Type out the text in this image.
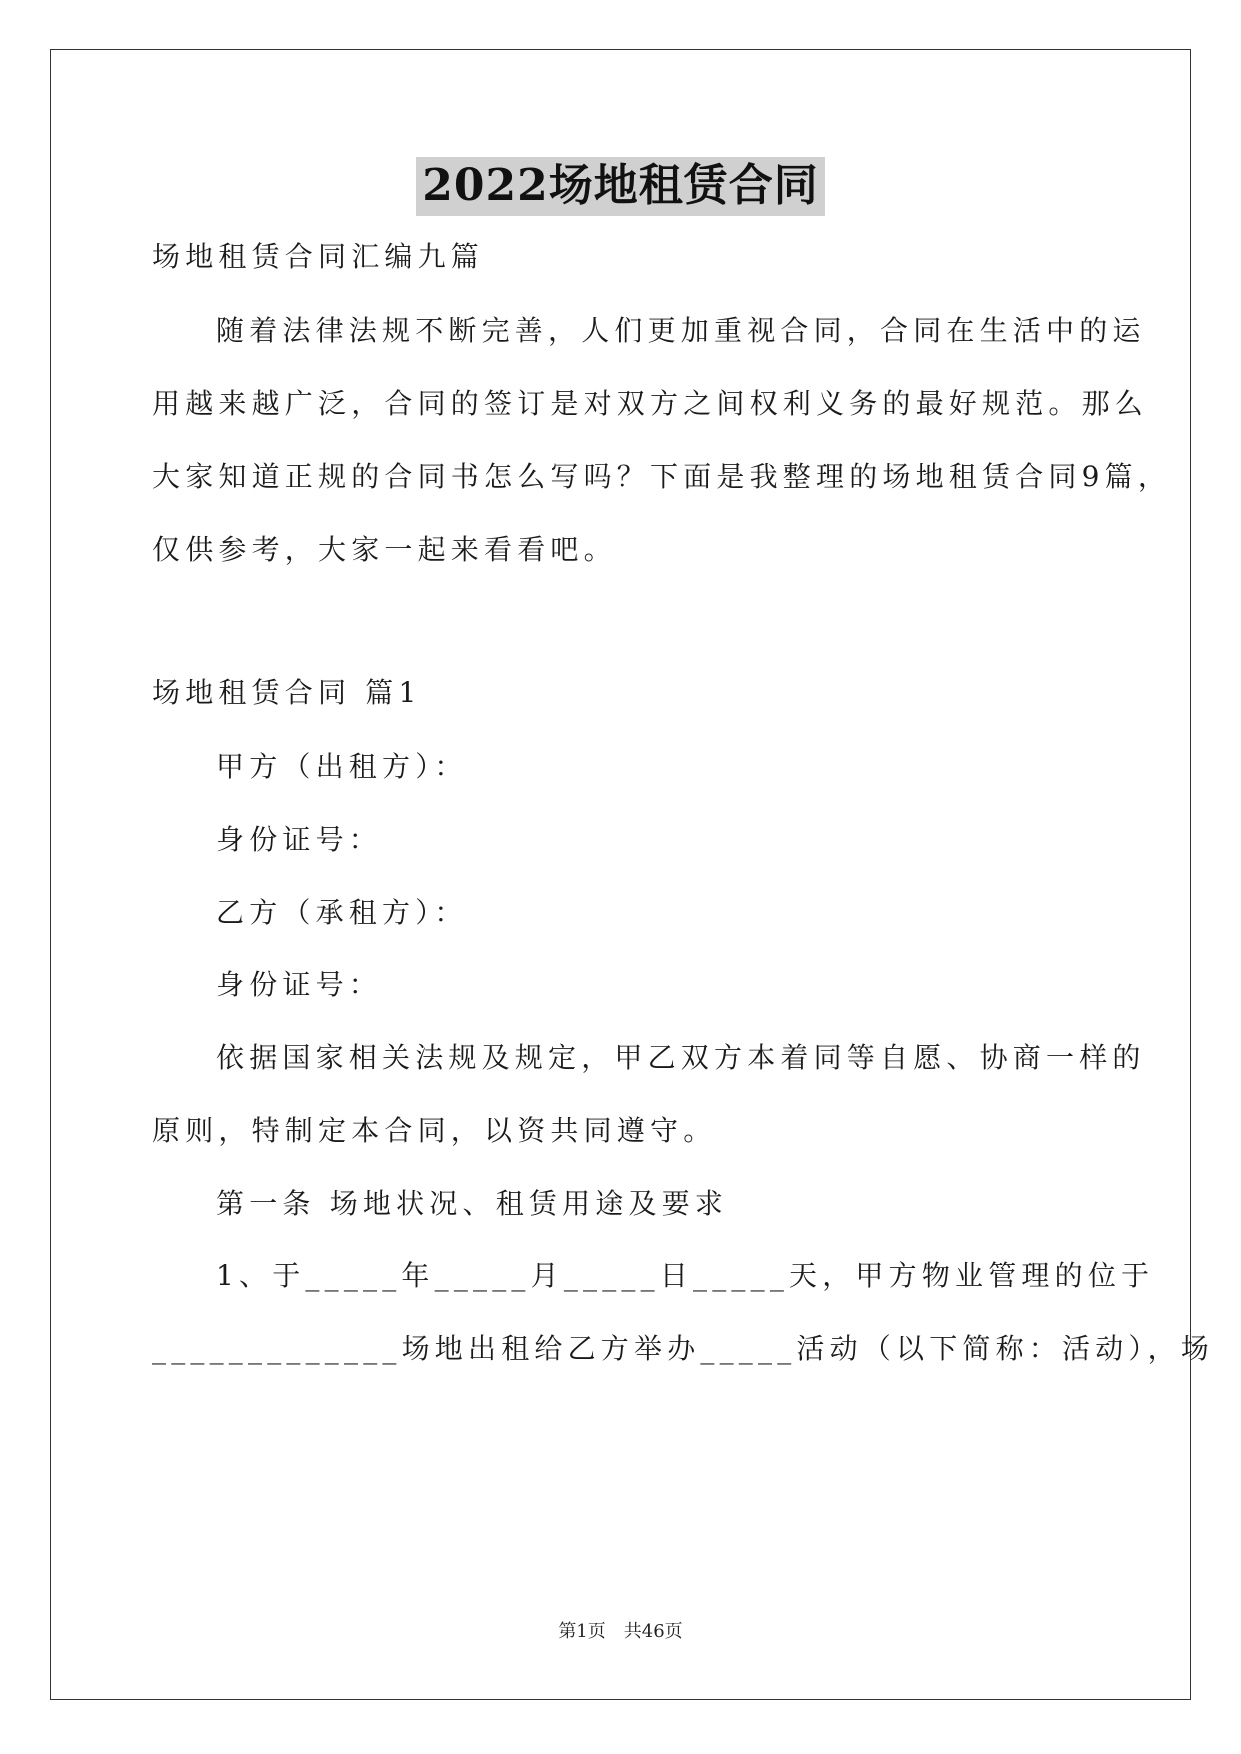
2022场地租赁合同
场地租赁合同汇编九篇
随着法律法规不断完善，人们更加重视合同，合同在生活中的运
用越来越广泛，合同的签订是对双方之间权利义务的最好规范。那么
大家知道正规的合同书怎么写吗？下面是我整理的场地租赁合同9篇，
仅供参考，大家一起来看看吧。
场地租赁合同 篇1
甲方（出租方）：
身份证号：
乙方（承租方）：
身份证号：
依据国家相关法规及规定，甲乙双方本着同等自愿、协商一样的
原则，特制定本合同，以资共同遵守。
第一条 场地状况、租赁用途及要求
1、于_____年_____月_____日_____天，甲方物业管理的位于
_____________场地出租给乙方举办_____活动（以下简称：活动），场
第1页 共46页
